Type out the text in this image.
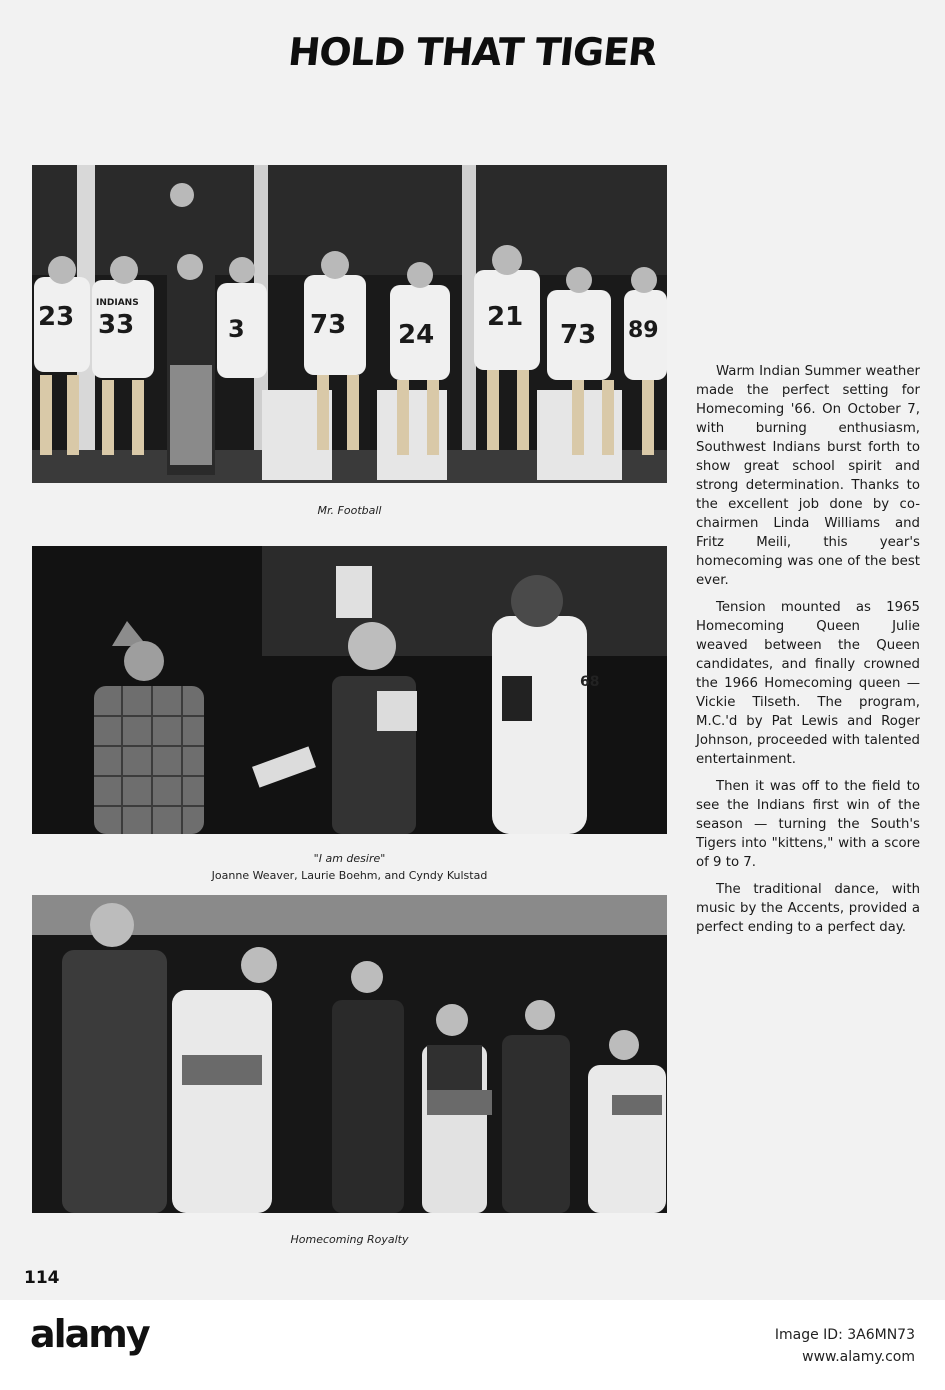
HOLD THAT TIGER
23 INDIANS
33	3	73 24
21
73 89
Mr. Football
68
"I am desire"
Joanne Weaver, Laurie Boehm, and Cyndy Kulstad
Homecoming Royalty

Warm Indian Summer weather made the perfect setting for Homecoming '66. On October 7, with burning enthusiasm, Southwest Indians burst forth to show great school spirit and strong determination. Thanks to the excellent job done by co-chairmen Linda Williams and Fritz Meili, this year's homecoming was one of the best ever.

Tension mounted as 1965 Homecoming Queen Julie weaved between the Queen candidates, and finally crowned the 1966 Homecoming queen — Vickie Tilseth. The program, M.C.'d by Pat Lewis and Roger Johnson, proceeded with talented entertainment.

Then it was off to the field to see the Indians first win of the season — turning the South's Tigers into "kittens," with a score of 9 to 7.

The traditional dance, with music by the Accents, provided a perfect ending to a perfect day.

114
alamy	Image ID: 3A6MN73
www.alamy.com
